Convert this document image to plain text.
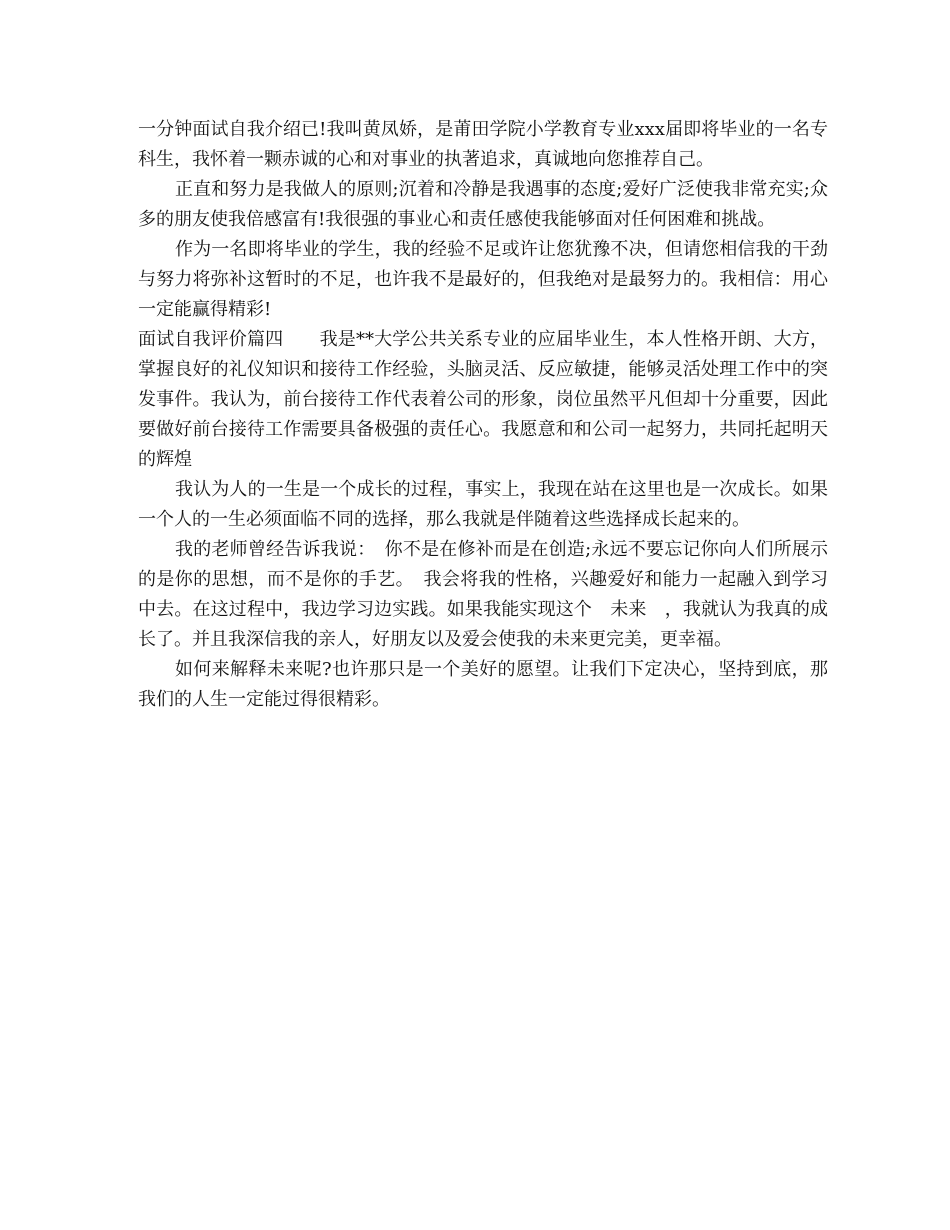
一分钟面试自我介绍已!我叫黄凤娇，是莆田学院小学教育专业xxx届即将毕业的一名专科生，我怀着一颗赤诚的心和对事业的执著追求，真诚地向您推荐自己。

正直和努力是我做人的原则;沉着和冷静是我遇事的态度;爱好广泛使我非常充实;众多的朋友使我倍感富有!我很强的事业心和责任感使我能够面对任何困难和挑战。

作为一名即将毕业的学生，我的经验不足或许让您犹豫不决，但请您相信我的干劲与努力将弥补这暂时的不足，也许我不是最好的，但我绝对是最努力的。我相信：用心一定能赢得精彩!

面试自我评价篇四　　我是**大学公共关系专业的应届毕业生，本人性格开朗、大方，掌握良好的礼仪知识和接待工作经验，头脑灵活、反应敏捷，能够灵活处理工作中的突发事件。我认为，前台接待工作代表着公司的形象，岗位虽然平凡但却十分重要，因此要做好前台接待工作需要具备极强的责任心。我愿意和和公司一起努力，共同托起明天的辉煌

我认为人的一生是一个成长的过程，事实上，我现在站在这里也是一次成长。如果一个人的一生必须面临不同的选择，那么我就是伴随着这些选择成长起来的。

我的老师曾经告诉我说：　你不是在修补而是在创造;永远不要忘记你向人们所展示的是你的思想，而不是你的手艺。　我会将我的性格，兴趣爱好和能力一起融入到学习中去。在这过程中，我边学习边实践。如果我能实现这个　未来　，我就认为我真的成长了。并且我深信我的亲人，好朋友以及爱会使我的未来更完美，更幸福。

如何来解释未来呢?也许那只是一个美好的愿望。让我们下定决心，坚持到底，那我们的人生一定能过得很精彩。
